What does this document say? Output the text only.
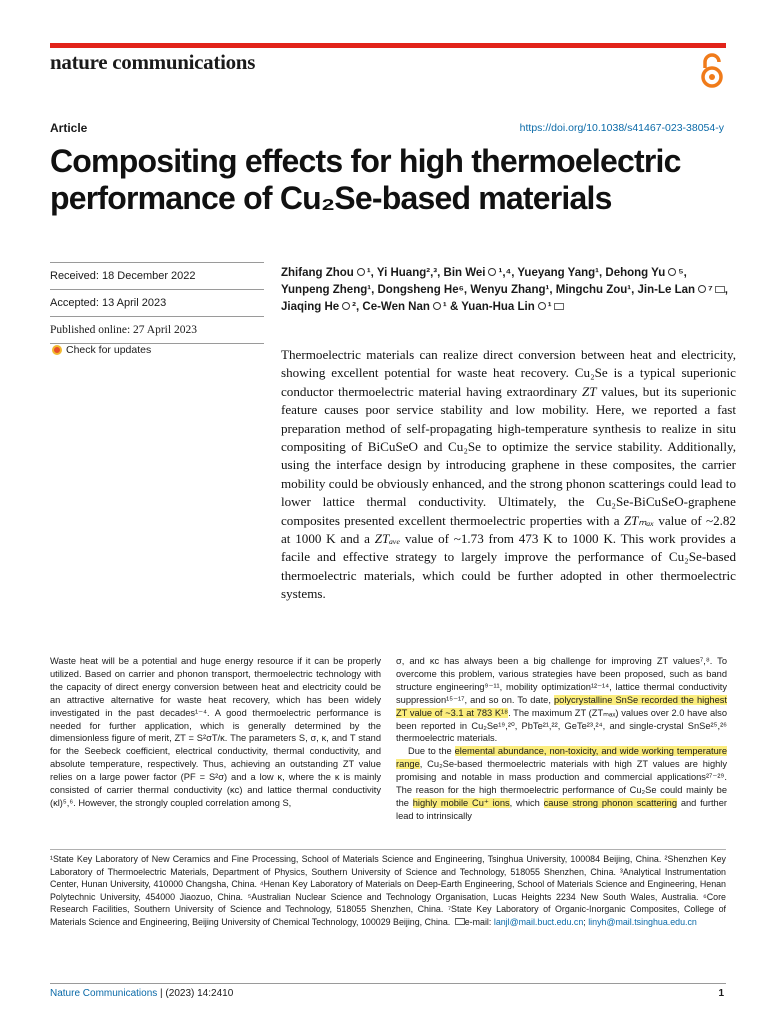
nature communications
Article	https://doi.org/10.1038/s41467-023-38054-y
Compositing effects for high thermoelectric performance of Cu₂Se-based materials
Received: 18 December 2022
Accepted: 13 April 2023
Published online: 27 April 2023
Check for updates
Zhifang Zhou ¹, Yi Huang²,³, Bin Wei ¹,⁴, Yueyang Yang¹, Dehong Yu ⁵, Yunpeng Zheng¹, Dongsheng He⁶, Wenyu Zhang¹, Mingchu Zou¹, Jin-Le Lan ⁷ , Jiaqing He ², Ce-Wen Nan ¹ & Yuan-Hua Lin ¹

Thermoelectric materials can realize direct conversion between heat and electricity, showing excellent potential for waste heat recovery. Cu₂Se is a typical superionic conductor thermoelectric material having extraordinary ZT values, but its superionic feature causes poor service stability and low mobility. Here, we reported a fast preparation method of self-propagating high-temperature synthesis to realize in situ compositing of BiCuSeO and Cu₂Se to optimize the service stability. Additionally, using the interface design by introducing graphene in these composites, the carrier mobility could be obviously enhanced, and the strong phonon scatterings could lead to lower lattice thermal conductivity. Ultimately, the Cu₂Se-BiCuSeO-graphene composites presented excellent thermoelectric properties with a ZTₘₐₓ value of ~2.82 at 1000 K and a ZTₐᵥₑ value of ~1.73 from 473 K to 1000 K. This work provides a facile and effective strategy to largely improve the performance of Cu₂Se-based thermoelectric materials, which could be further adopted in other thermoelectric systems.

Waste heat will be a potential and huge energy resource if it can be properly utilized. Based on carrier and phonon transport, thermoelectric technology with the capacity of direct energy conversion between heat and electricity could be an attractive alternative for waste heat recovery, which has been widely investigated in the past decades¹⁻⁴. A good thermoelectric performance is needed for further application, which is generally determined by the dimensionless figure of merit, ZT = S²σT/κ. The parameters S, σ, κ, and T stand for the Seebeck coefficient, electrical conductivity, thermal conductivity, and absolute temperature, respectively. Thus, achieving an outstanding ZT value relies on a large power factor (PF = S²σ) and a low κ, where the κ is mainly consisted of carrier thermal conductivity (κc) and lattice thermal conductivity (κl)⁵,⁶. However, the strongly coupled correlation among S,

σ, and κc has always been a big challenge for improving ZT values⁷,⁸. To overcome this problem, various strategies have been proposed, such as band structure engineering⁹⁻¹¹, mobility optimization¹²⁻¹⁴, lattice thermal conductivity suppression¹⁵⁻¹⁷, and so on. To date, polycrystalline SnSe recorded the highest ZT value of ~3.1 at 783 K¹⁸. The maximum ZT (ZTₘₐₓ) values over 2.0 have also been reported in Cu₂Se¹⁹,²⁰, PbTe²¹,²², GeTe²³,²⁴, and single-crystal SnSe²⁵,²⁶ thermoelectric materials.

Due to the elemental abundance, non-toxicity, and wide working temperature range, Cu₂Se-based thermoelectric materials with high ZT values are highly promising and notable in mass production and commercial applications²⁷⁻²⁹. The reason for the high thermoelectric performance of Cu₂Se could mainly be the highly mobile Cu⁺ ions, which cause strong phonon scattering and further lead to intrinsically

¹State Key Laboratory of New Ceramics and Fine Processing, School of Materials Science and Engineering, Tsinghua University, 100084 Beijing, China. ²Shenzhen Key Laboratory of Thermoelectric Materials, Department of Physics, Southern University of Science and Technology, 518055 Shenzhen, China. ³Analytical Instrumentation Center, Hunan University, 410000 Changsha, China. ⁴Henan Key Laboratory of Materials on Deep-Earth Engineering, School of Materials Science and Engineering, Henan Polytechnic University, 454000 Jiaozuo, China. ⁵Australian Nuclear Science and Technology Organisation, Lucas Heights 2234 New South Wales, Australia. ⁶Core Research Facilities, Southern University of Science and Technology, 518055 Shenzhen, China. ⁷State Key Laboratory of Organic-Inorganic Composites, College of Materials Science and Engineering, Beijing University of Chemical Technology, 100029 Beijing, China. e-mail: lanjl@mail.buct.edu.cn; linyh@mail.tsinghua.edu.cn

Nature Communications | (2023) 14:2410	1
